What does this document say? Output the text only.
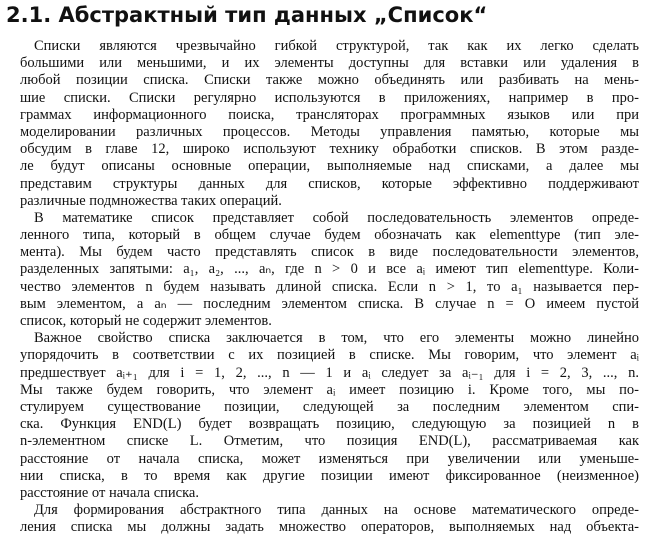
2.1. Абстрактный тип данных „Список“
Списки являются чрезвычайно гибкой структурой, так как их легко сделать
большими или меньшими, и их элементы доступны для вставки или удаления в
любой позиции списка. Списки также можно объединять или разбивать на мень-
шие списки. Списки регулярно используются в приложениях, например в про-
граммах информационного поиска, трансляторах программных языков или при
моделировании различных процессов. Методы управления памятью, которые мы
обсудим в главе 12, широко используют технику обработки списков. В этом разде-
ле будут описаны основные операции, выполняемые над списками, а далее мы
представим структуры данных для списков, которые эффективно поддерживают
различные подмножества таких операций.
В математике список представляет собой последовательность элементов опреде-
ленного типа, который в общем случае будем обозначать как elementtype (тип эле-
мента). Мы будем часто представлять список в виде последовательности элементов,
разделенных запятыми: a₁, a₂, ..., aₙ, где n > 0 и все aᵢ имеют тип elementtype. Коли-
чество элементов n будем называть длиной списка. Если n > 1, то a₁ называется пер-
вым элементом, а aₙ — последним элементом списка. В случае n = О имеем пустой
список, который не содержит элементов.
Важное свойство списка заключается в том, что его элементы можно линейно
упорядочить в соответствии с их позицией в списке. Мы говорим, что элемент aᵢ
предшествует aᵢ₊₁ для i = 1, 2, ..., n — 1 и aᵢ следует за aᵢ₋₁ для i = 2, 3, ..., n.
Мы также будем говорить, что элемент aᵢ имеет позицию i. Кроме того, мы по-
стулируем существование позиции, следующей за последним элементом спи-
ска. Функция END(L) будет возвращать позицию, следующую за позицией n в
n-элементном списке L. Отметим, что позиция END(L), рассматриваемая как
расстояние от начала списка, может изменяться при увеличении или уменьше-
нии списка, в то время как другие позиции имеют фиксированное (неизменное)
расстояние от начала списка.
Для формирования абстрактного типа данных на основе математического опреде-
ления списка мы должны задать множество операторов, выполняемых над объекта-
